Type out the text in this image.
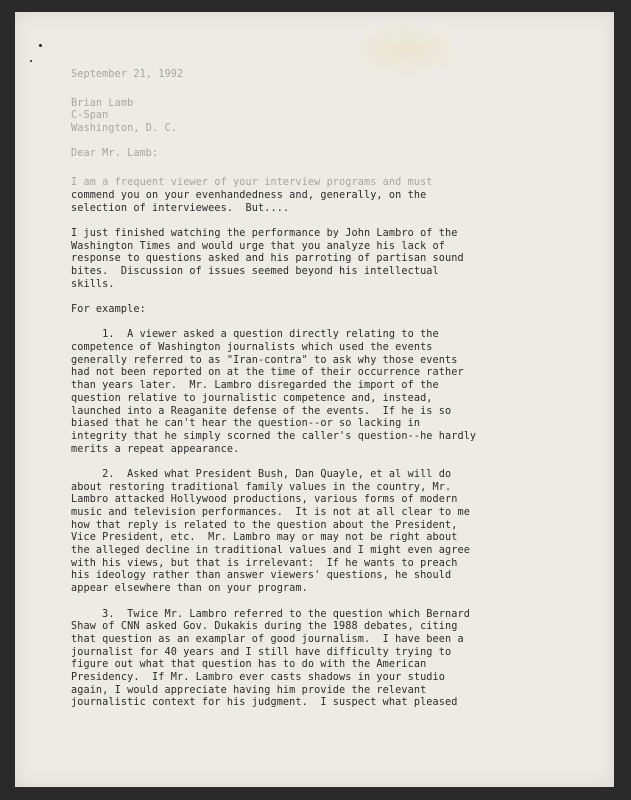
September 21, 1992
Brian Lamb
C-Span
Washington, D. C.
Dear Mr. Lamb:
I am a frequent viewer of your interview programs and must
commend you on your evenhandedness and, generally, on the
selection of interviewees.  But....
I just finished watching the performance by John Lambro of the
Washington Times and would urge that you analyze his lack of
response to questions asked and his parroting of partisan sound
bites.  Discussion of issues seemed beyond his intellectual
skills.
For example:
1.  A viewer asked a question directly relating to the
competence of Washington journalists which used the events
generally referred to as "Iran-contra" to ask why those events
had not been reported on at the time of their occurrence rather
than years later.  Mr. Lambro disregarded the import of the
question relative to journalistic competence and, instead,
launched into a Reaganite defense of the events.  If he is so
biased that he can't hear the question--or so lacking in
integrity that he simply scorned the caller's question--he hardly
merits a repeat appearance.
2.  Asked what President Bush, Dan Quayle, et al will do
about restoring traditional family values in the country, Mr.
Lambro attacked Hollywood productions, various forms of modern
music and television performances.  It is not at all clear to me
how that reply is related to the question about the President,
Vice President, etc.  Mr. Lambro may or may not be right about
the alleged decline in traditional values and I might even agree
with his views, but that is irrelevant:  If he wants to preach
his ideology rather than answer viewers' questions, he should
appear elsewhere than on your program.
3.  Twice Mr. Lambro referred to the question which Bernard
Shaw of CNN asked Gov. Dukakis during the 1988 debates, citing
that question as an examplar of good journalism.  I have been a
journalist for 40 years and I still have difficulty trying to
figure out what that question has to do with the American
Presidency.  If Mr. Lambro ever casts shadows in your studio
again, I would appreciate having him provide the relevant
journalistic context for his judgment.  I suspect what pleased
